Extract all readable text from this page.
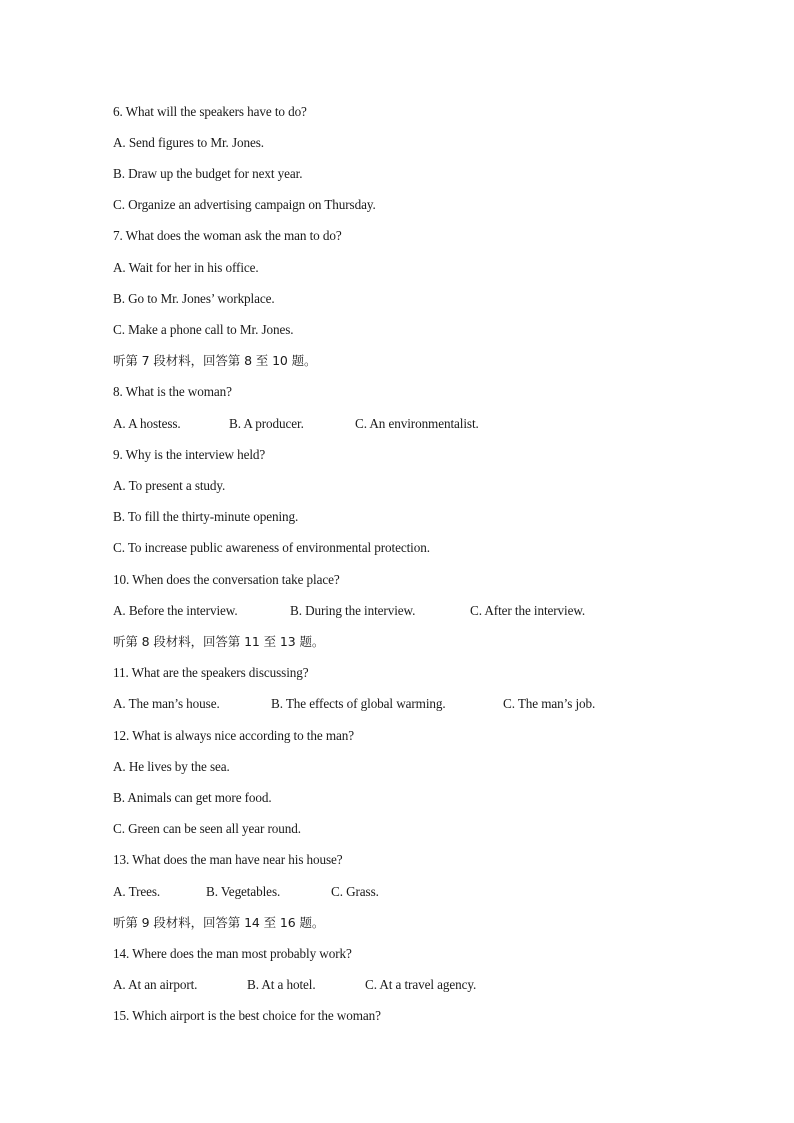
6. What will the speakers have to do?
A. Send figures to Mr. Jones.
B. Draw up the budget for next year.
C. Organize an advertising campaign on Thursday.
7. What does the woman ask the man to do?
A. Wait for her in his office.
B. Go to Mr. Jones’ workplace.
C. Make a phone call to Mr. Jones.
听第 7 段材料，回答第 8 至 10 题。
8. What is the woman?
A. A hostess.	B. A producer.	C. An environmentalist.
9. Why is the interview held?
A. To present a study.
B. To fill the thirty-minute opening.
C. To increase public awareness of environmental protection.
10. When does the conversation take place?
A. Before the interview.	B. During the interview.	C. After the interview.
听第 8 段材料，回答第 11 至 13 题。
11. What are the speakers discussing?
A. The man’s house.	B. The effects of global warming.	C. The man’s job.
12. What is always nice according to the man?
A. He lives by the sea.
B. Animals can get more food.
C. Green can be seen all year round.
13. What does the man have near his house?
A. Trees.	B. Vegetables.	C. Grass.
听第 9 段材料，回答第 14 至 16 题。
14. Where does the man most probably work?
A. At an airport.	B. At a hotel.	C. At a travel agency.
15. Which airport is the best choice for the woman?
